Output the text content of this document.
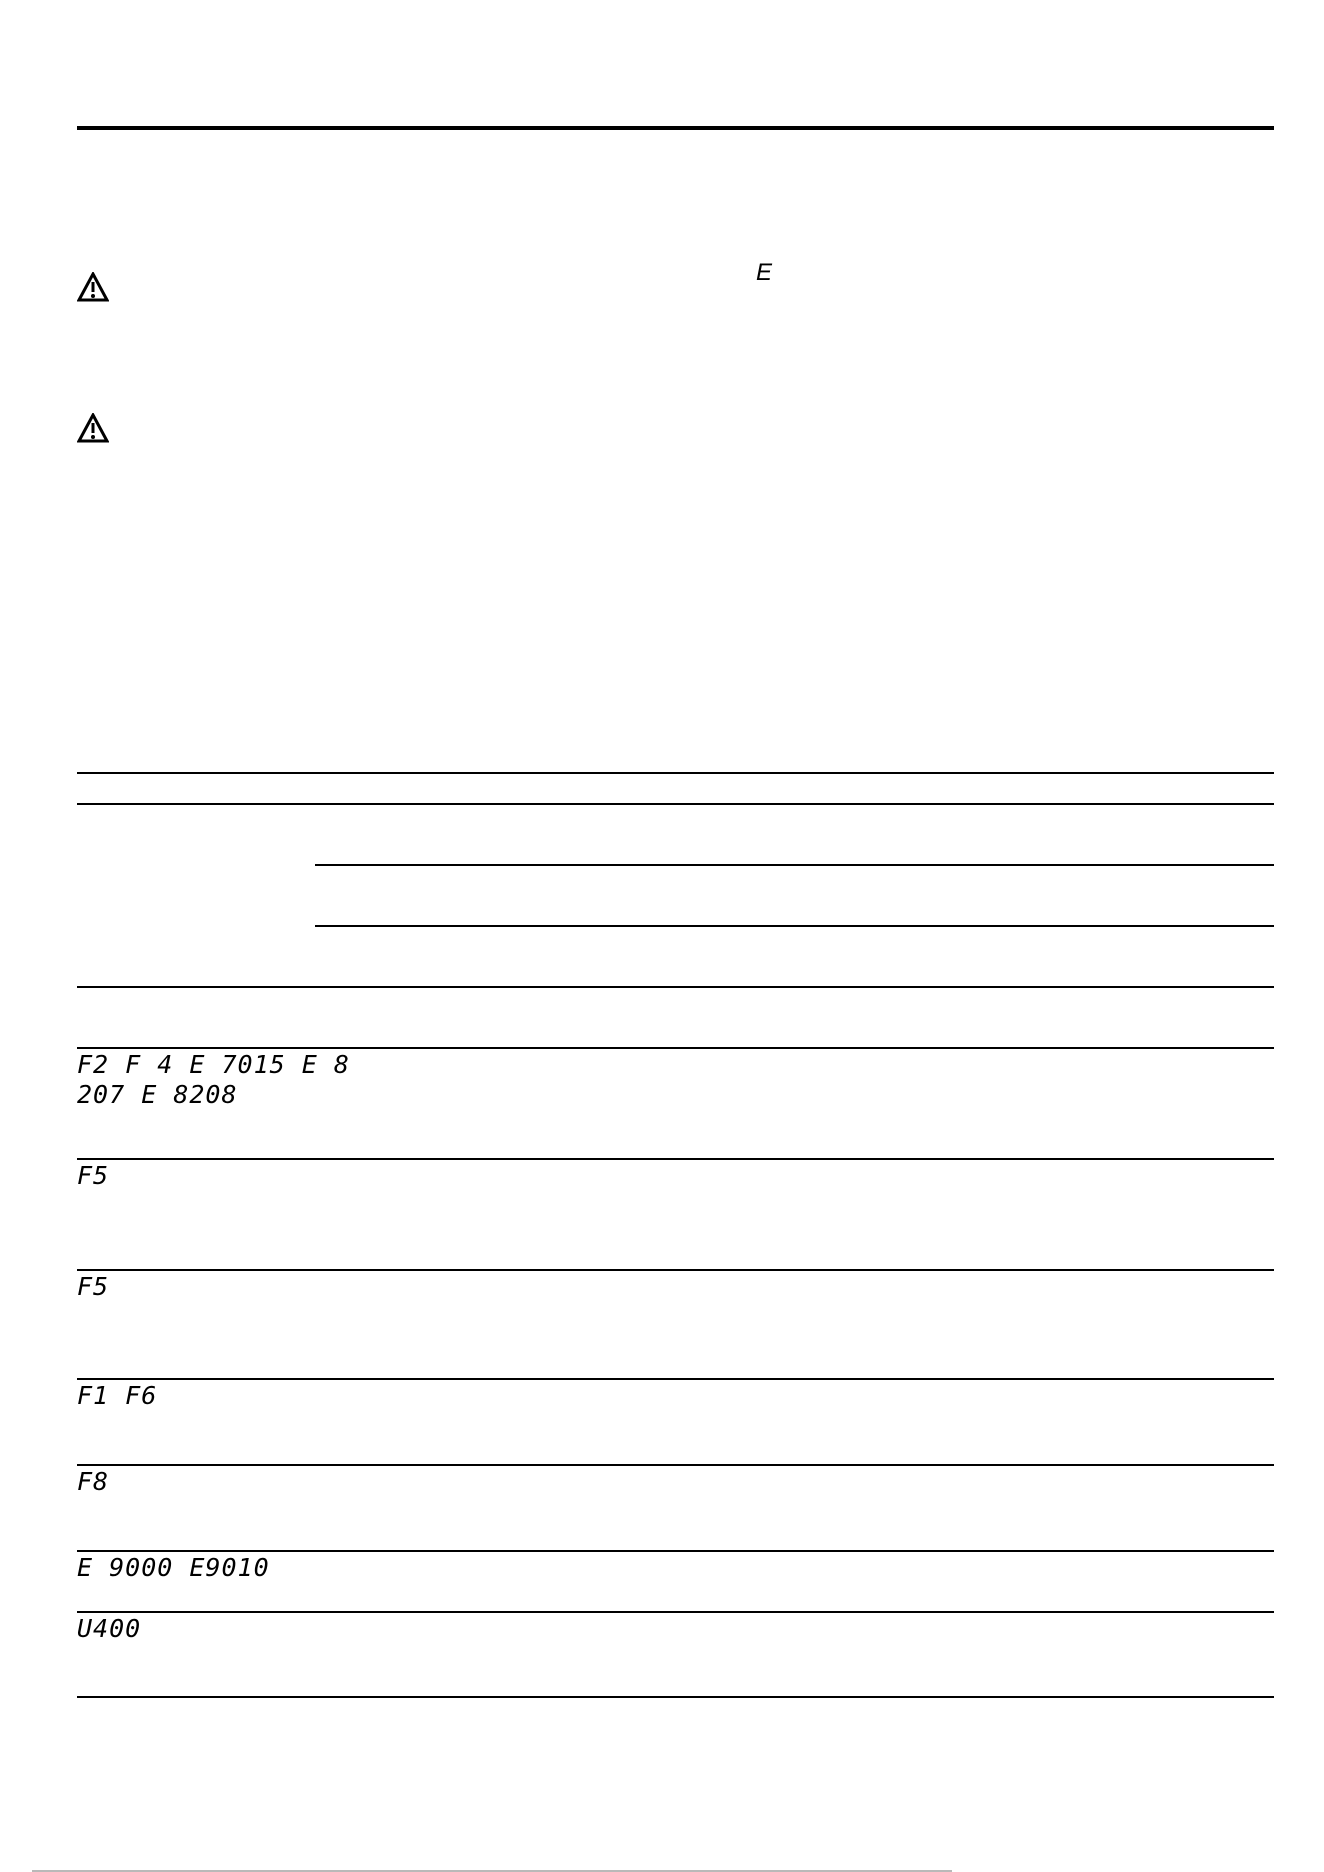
E
F2 F 4 E 7015 E 8
207 E 8208
F5
F5
F1 F6
F8
E 9000 E9010
U400
